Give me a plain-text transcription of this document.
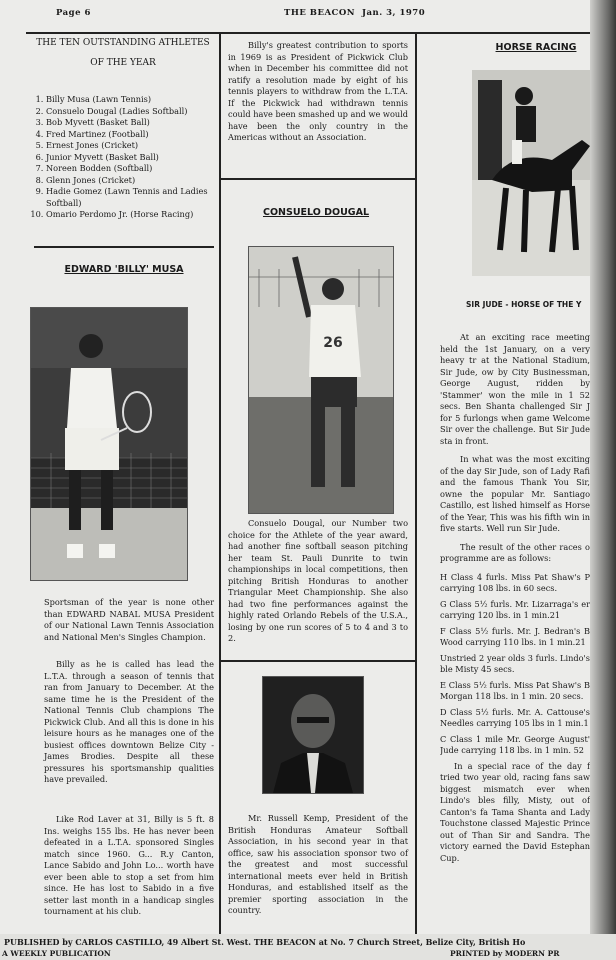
Page 6	THE BEACON Jan. 3, 1970
THE TEN OUTSTANDING ATHLETES
OF THE YEAR
1. Billy Musa (Lawn Tennis)
2. Consuelo Dougal (Ladies Softball)
3. Bob Myvett (Basket Ball)
4. Fred Martinez (Football)
5. Ernest Jones (Cricket)
6. Junior Myvett (Basket Ball)
7. Noreen Bodden (Softball)
8. Glenn Jones (Cricket)
9. Hadie Gomez (Lawn Tennis and Ladies Softball)
10. Omario Perdomo Jr. (Horse Racing)
EDWARD 'BILLY' MUSA
Sportsman of the year is none other than EDWARD NABAL MUSA President of our National Lawn Tennis Association and National Men's Singles Champion.
Billy as he is called has lead the L.T.A. through a season of tennis that ran from January to December. At the same time he is the President of the National Tennis Club champions The Pickwick Club. And all this is done in his leisure hours as he manages one of the busiest offices downtown Belize City - James Brodies. Despite all these pressures his sportsmanship qualities have prevailed.
Like Rod Laver at 31, Billy is 5 ft. 8 Ins. weighs 155 lbs. He has never been defeated in a L.T.A. sponsored Singles match since 1960. G... R.y Canton, Lance Sabido and John Lo... worth have ever been able to stop a set from him since. He has lost to Sabido in a five setter last month in a handicap singles tournament at his club.
Billy's greatest contribution to sports in 1969 is as President of Pickwick Club when in December his committee did not ratify a resolution made by eight of his tennis players to withdraw from the L.T.A. If the Pickwick had withdrawn tennis could have been smashed up and we would have been the only country in the Americas without an Association.
CONSUELO DOUGAL
26
Consuelo Dougal, our Number two choice for the Athlete of the year award, had another fine softball season pitching her team St. Pauli Dunrite to twin championships in local competitions, then pitching British Honduras to another Triangular Meet Championship. She also had two fine performances against the highly rated Orlando Rebels of the U.S.A., losing by one run scores of 5 to 4 and 3 to 2.
Mr. Russell Kemp, President of the British Honduras Amateur Softball Association, in his second year in that office, saw his association sponsor two of the greatest and most successful international meets ever held in British Honduras, and established itself as the premier sporting association in the country.
HORSE RACING
SIR JUDE - HORSE OF THE Y

At an exciting race meeting held the 1st January, on a very heavy tr at the National Stadium, Sir Jude, ow by City Businessman, George August, ridden by 'Stammer' won the mile in 1 52 secs. Ben Shanta challenged Sir J for 5 furlongs when game Welcome Sir over the challenge. But Sir Jude sta in front.

In what was the most exciting of the day Sir Jude, son of Lady Rafi and the famous Thank You Sir, owne the popular Mr. Santiago Castillo, est lished himself as Horse of the Year, This was his fifth win in five starts. Well run Sir Jude.

The result of the other races o programme are as follows:

H Class 4 furls. Miss Pat Shaw's P carrying 108 lbs. in 60 secs.

G Class 5½ furls. Mr. Lizarraga's er carrying 120 lbs. in 1 min.21

F Class 5½ furls. Mr. J. Bedran's B Wood carrying 110 lbs. in 1 min.21

Unstried 2 year olds 3 furls. Lindo's ble Misty 45 secs.

E Class 5½ furls. Miss Pat Shaw's B Morgan 118 lbs. in 1 min. 20 secs.

D Class 5½ furls. Mr. A. Cattouse's Needles carrying 105 lbs in 1 min.1

C Class 1 mile Mr. George August' Jude carrying 118 lbs. in 1 min. 52

In a special race of the day f tried two year old, racing fans saw biggest mismatch ever when Lindo's bles filly, Misty, out of Canton's fa Tama Shanta and Lady Touchstone classed Majestic Prince out of Than Sir and Sandra. The victory earned the David Estephan Cup.

PUBLISHED by CARLOS CASTILLO, 49 Albert St. West. THE BEACON at No. 7 Church Street, Belize City, British Ho
A WEEKLY PUBLICATION	PRINTED by MODERN PR
